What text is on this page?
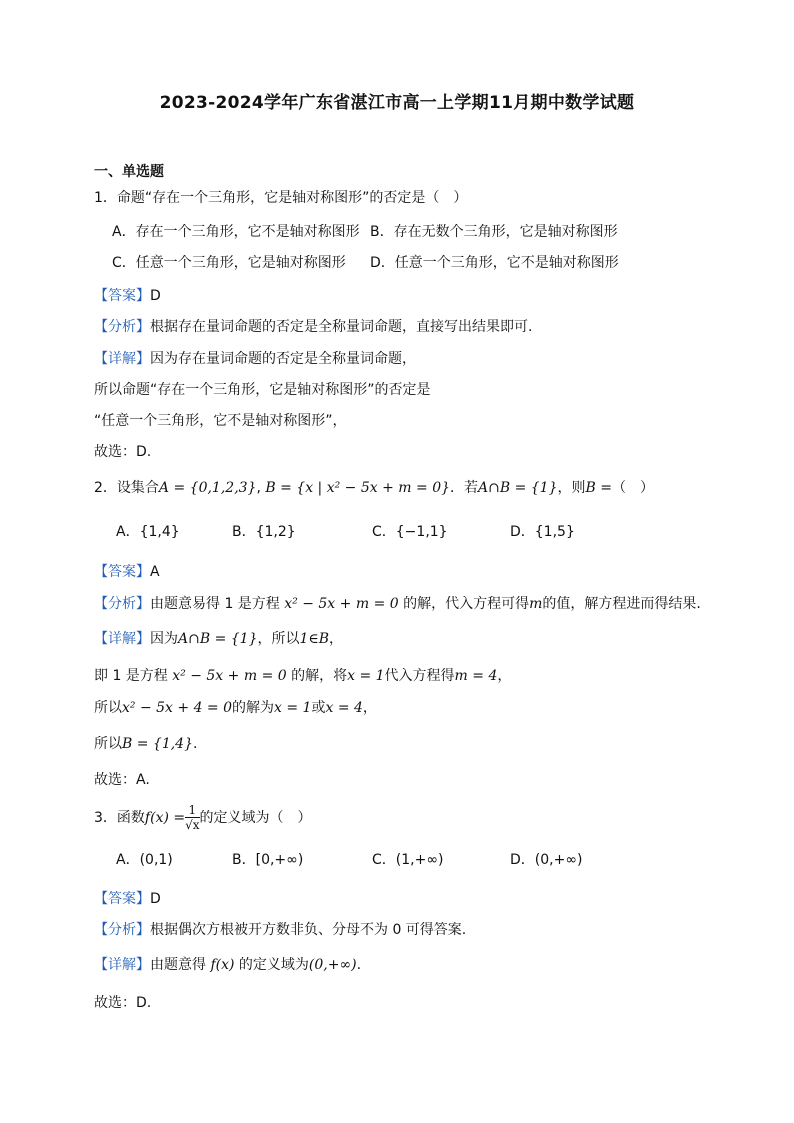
2023-2024学年广东省湛江市高一上学期11月期中数学试题
一、单选题
1．命题“存在一个三角形，它是轴对称图形”的否定是（　）
A．存在一个三角形，它不是轴对称图形 B．存在无数个三角形，它是轴对称图形
C．任意一个三角形，它是轴对称图形 D．任意一个三角形，它不是轴对称图形
【答案】D
【分析】根据存在量词命题的否定是全称量词命题，直接写出结果即可.
【详解】因为存在量词命题的否定是全称量词命题，
所以命题“存在一个三角形，它是轴对称图形”的否定是
“任意一个三角形，它不是轴对称图形”，
故选：D.
2．设集合A = {0,1,2,3}, B = {x | x² − 5x + m = 0}．若A∩B = {1}，则B =（　）
A．{1,4}	B．{1,2}	C．{−1,1}	D．{1,5}
【答案】A
【分析】由题意易得 1 是方程 x² − 5x + m = 0 的解，代入方程可得m的值，解方程进而得结果.
【详解】因为A∩B = {1}，所以1∈B，
即 1 是方程 x² − 5x + m = 0 的解，将x = 1代入方程得m = 4，
所以x² − 5x + 4 = 0的解为x = 1或x = 4，
所以B = {1,4}.
故选：A.
3．函数$f(x) = \frac{1}{√x}$ 的定义域为（　）
A．(0,1)	B．[0,+∞)	C．(1,+∞)	D．(0,+∞)
【答案】D
【分析】根据偶次方根被开方数非负、分母不为 0 可得答案.
【详解】由题意得 f(x) 的定义域为(0,+∞).
故选：D.
